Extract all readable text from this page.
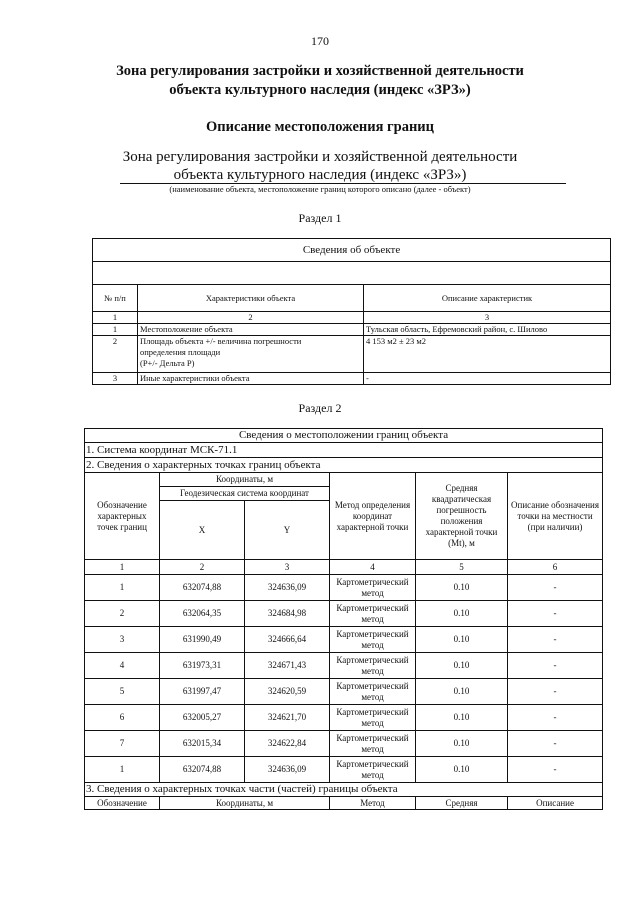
170
Зона регулирования застройки и хозяйственной деятельности
объекта культурного наследия (индекс «ЗРЗ»)
Описание местоположения границ
Зона регулирования застройки и хозяйственной деятельности
объекта культурного наследия (индекс «ЗРЗ»)
(наименование объекта, местоположение границ которого описано (далее - объект)
Раздел 1
Сведения об объекте		

№ п/п	Характеристики объекта	Описание характеристик
1	2	3
1	Местоположение объекта	Тульская область, Ефремовский район, с. Шилово
2	Площадь объекта +/- величина погрешности
определения площади
(Р+/- Дельта Р)	4 153 м2 ± 23 м2
3	Иные характеристики объекта	-
Раздел 2
Сведения о местоположении границ объекта					
1. Система координат МСК-71.1					
2. Сведения о характерных точках границ объекта					
Обозначение характерных точек границ	Координаты, м		Метод определения координат характерной точки	Средняя квадратическая погрешность положения характерной точки (Mt), м	Описание обозначения точки на местности (при наличии)
	Геодезическая система координат				
	X	Y			
1	2	3	4	5	6
1	632074,88	324636,09	Картометрический
метод	0.10	-
2	632064,35	324684,98	Картометрический
метод	0.10	-
3	631990,49	324666,64	Картометрический
метод	0.10	-
4	631973,31	324671,43	Картометрический
метод	0.10	-
5	631997,47	324620,59	Картометрический
метод	0.10	-
6	632005,27	324621,70	Картометрический
метод	0.10	-
7	632015,34	324622,84	Картометрический
метод	0.10	-
1	632074,88	324636,09	Картометрический
метод	0.10	-
3. Сведения о характерных точках части (частей) границы объекта					
Обозначение	Координаты, м		Метод	Средняя	Описание
